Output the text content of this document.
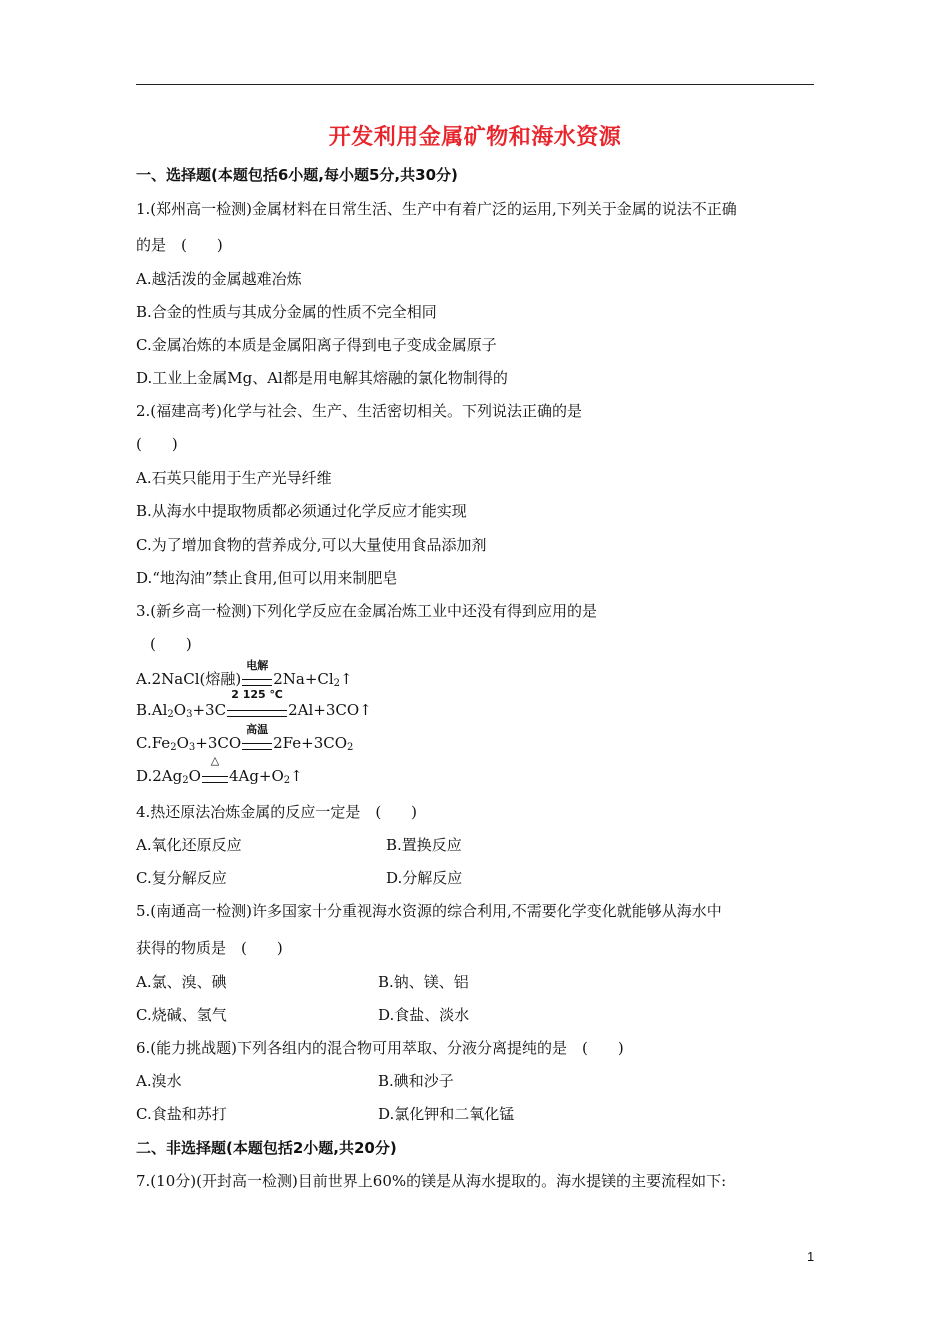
开发利用金属矿物和海水资源
一、选择题(本题包括6小题,每小题5分,共30分)
1.(郑州高一检测)金属材料在日常生活、生产中有着广泛的运用,下列关于金属的说法不正确
的是　(　　)
A.越活泼的金属越难冶炼
B.合金的性质与其成分金属的性质不完全相同
C.金属冶炼的本质是金属阳离子得到电子变成金属原子
D.工业上金属Mg、Al都是用电解其熔融的氯化物制得的
2.(福建高考)化学与社会、生产、生活密切相关。下列说法正确的是
(　　)
A.石英只能用于生产光导纤维
B.从海水中提取物质都必须通过化学反应才能实现
C.为了增加食物的营养成分,可以大量使用食品添加剂
D.“地沟油”禁止食用,但可以用来制肥皂
3.(新乡高一检测)下列化学反应在金属冶炼工业中还没有得到应用的是
(　　)
A.2NaCl(熔融)
电解
$2Na+Cl_2↑$
$B.Al_2O_3+3C$
2 125 ℃
2Al+3CO↑
$C.Fe_2O_3+3CO$
高温
$2Fe+3CO_2$
$D.2Ag_2O$
△
$4Ag+O_2↑$
4.热还原法冶炼金属的反应一定是　(　　)
A.氧化还原反应	B.置换反应
C.复分解反应	D.分解反应
5.(南通高一检测)许多国家十分重视海水资源的综合利用,不需要化学变化就能够从海水中
获得的物质是　(　　)
A.氯、溴、碘	B.钠、镁、铝
C.烧碱、氢气	D.食盐、淡水
6.(能力挑战题)下列各组内的混合物可用萃取、分液分离提纯的是　(　　)
A.溴水	B.碘和沙子
C.食盐和苏打	D.氯化钾和二氧化锰
二、非选择题(本题包括2小题,共20分)
7.(10分)(开封高一检测)目前世界上60%的镁是从海水提取的。海水提镁的主要流程如下:
1
